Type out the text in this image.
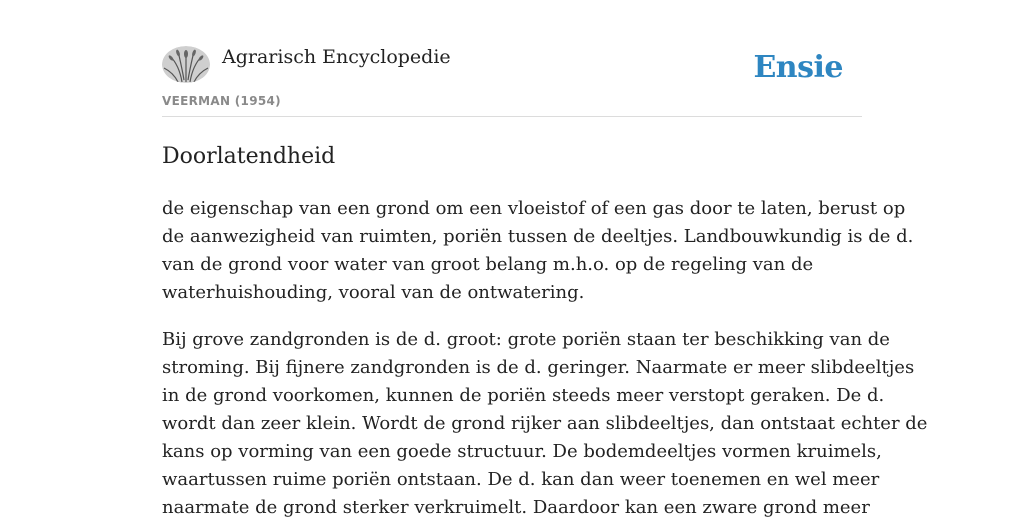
Agrarisch Encyclopedie
VEERMAN (1954)
Ensie
Doorlatendheid
de eigenschap van een grond om een vloeistof of een gas door te laten, berust op
de aanwezigheid van ruimten, poriën tussen de deeltjes. Landbouwkundig is de d.
van de grond voor water van groot belang m.h.o. op de regeling van de
waterhuishouding, vooral van de ontwatering.
Bij grove zandgronden is de d. groot: grote poriën staan ter beschikking van de
stroming. Bij fijnere zandgronden is de d. geringer. Naarmate er meer slibdeeltjes
in de grond voorkomen, kunnen de poriën steeds meer verstopt geraken. De d.
wordt dan zeer klein. Wordt de grond rijker aan slibdeeltjes, dan ontstaat echter de
kans op vorming van een goede structuur. De bodemdeeltjes vormen kruimels,
waartussen ruime poriën ontstaan. De d. kan dan weer toenemen en wel meer
naarmate de grond sterker verkruimelt. Daardoor kan een zware grond meer
